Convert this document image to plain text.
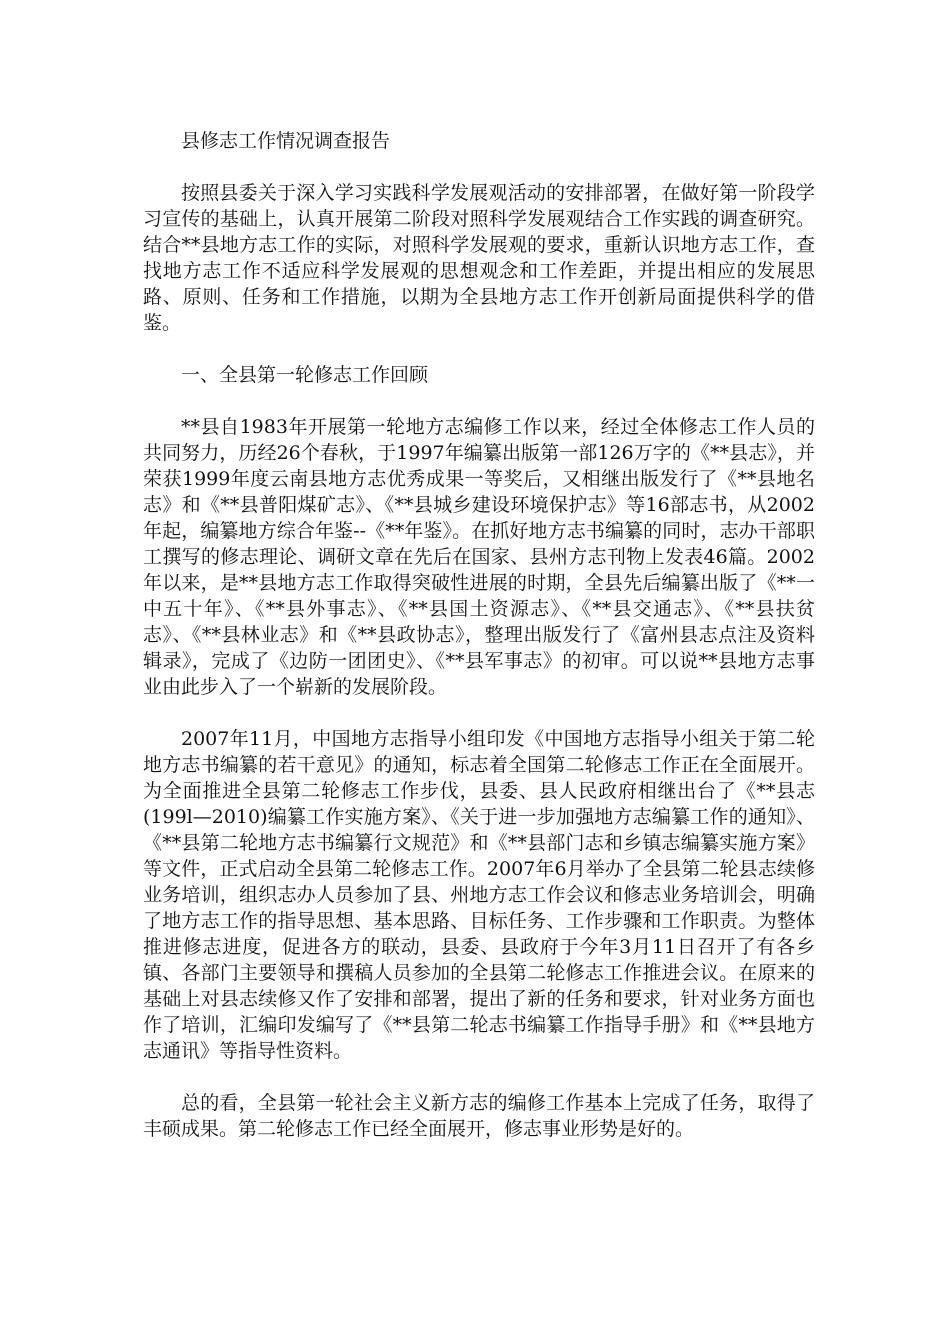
县修志工作情况调查报告

按照县委关于深入学习实践科学发展观活动的安排部署，在做好第一阶段学习宣传的基础上，认真开展第二阶段对照科学发展观结合工作实践的调查研究。结合**县地方志工作的实际，对照科学发展观的要求，重新认识地方志工作，查找地方志工作不适应科学发展观的思想观念和工作差距，并提出相应的发展思路、原则、任务和工作措施，以期为全县地方志工作开创新局面提供科学的借鉴。

一、全县第一轮修志工作回顾

**县自1983年开展第一轮地方志编修工作以来，经过全体修志工作人员的共同努力，历经26个春秋，于1997年编纂出版第一部126万字的《**县志》，并荣获1999年度云南县地方志优秀成果一等奖后，又相继出版发行了《**县地名志》和《**县普阳煤矿志》、《**县城乡建设环境保护志》等16部志书，从2002年起，编纂地方综合年鉴--《**年鉴》。在抓好地方志书编纂的同时，志办干部职工撰写的修志理论、调研文章在先后在国家、县州方志刊物上发表46篇。2002年以来，是**县地方志工作取得突破性进展的时期，全县先后编纂出版了《**一中五十年》、《**县外事志》、《**县国土资源志》、《**县交通志》、《**县扶贫志》、《**县林业志》和《**县政协志》，整理出版发行了《富州县志点注及资料辑录》，完成了《边防一团团史》、《**县军事志》的初审。可以说**县地方志事业由此步入了一个崭新的发展阶段。

2007年11月，中国地方志指导小组印发《中国地方志指导小组关于第二轮地方志书编纂的若干意见》的通知，标志着全国第二轮修志工作正在全面展开。为全面推进全县第二轮修志工作步伐，县委、县人民政府相继出台了《**县志 (199l—2010)编纂工作实施方案》、《关于进一步加强地方志编纂工作的通知》、《**县第二轮地方志书编纂行文规范》和《**县部门志和乡镇志编纂实施方案》等文件，正式启动全县第二轮修志工作。2007年6月举办了全县第二轮县志续修业务培训，组织志办人员参加了县、州地方志工作会议和修志业务培训会，明确了地方志工作的指导思想、基本思路、目标任务、工作步骤和工作职责。为整体推进修志进度，促进各方的联动，县委、县政府于今年3月11日召开了有各乡镇、各部门主要领导和撰稿人员参加的全县第二轮修志工作推进会议。在原来的基础上对县志续修又作了安排和部署，提出了新的任务和要求，针对业务方面也作了培训，汇编印发编写了《**县第二轮志书编纂工作指导手册》和《**县地方志通讯》等指导性资料。

总的看，全县第一轮社会主义新方志的编修工作基本上完成了任务，取得了丰硕成果。第二轮修志工作已经全面展开，修志事业形势是好的。
